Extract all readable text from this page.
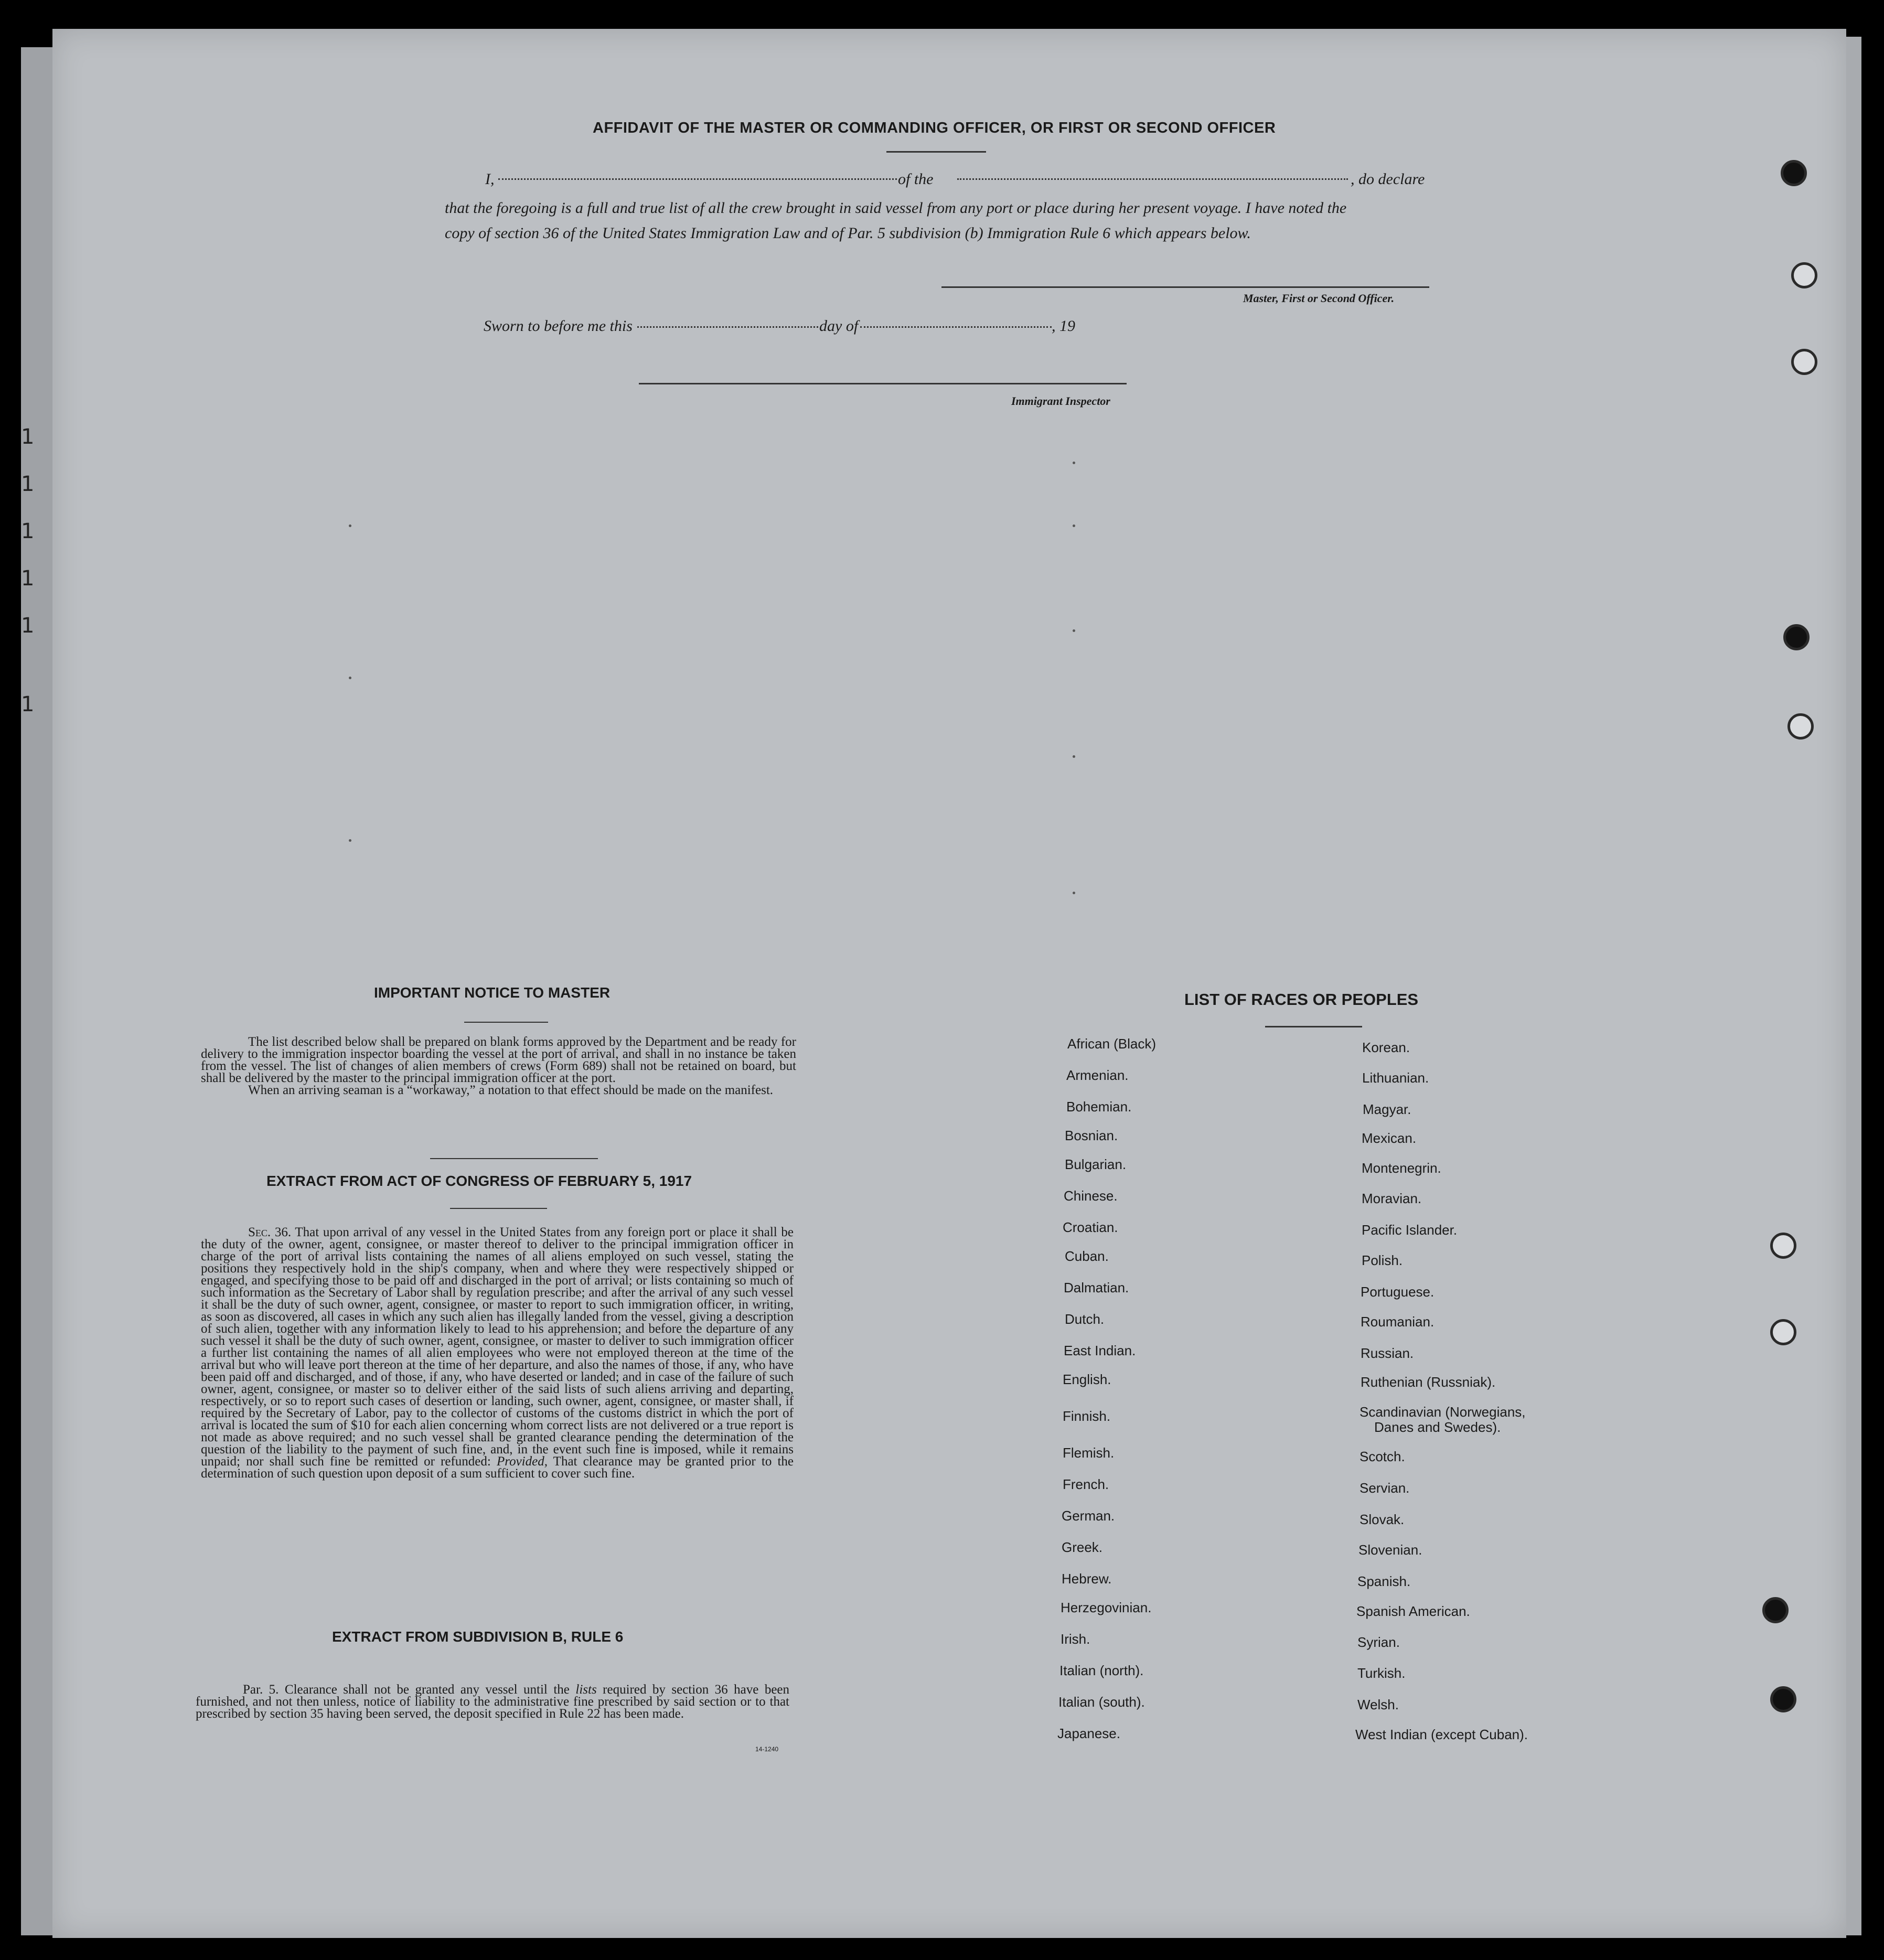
1
1
1
1
1
1
AFFIDAVIT OF THE MASTER OR COMMANDING OFFICER, OR FIRST OR SECOND OFFICER
I,	of the	, do declare
that the foregoing is a full and true list of all the crew brought in said vessel from any port or place during her present voyage. I have noted the
copy of section 36 of the United States Immigration Law and of Par. 5 subdivision (b) Immigration Rule 6 which appears below.
Master, First or Second Officer.
Sworn to before me this	day of	, 19
Immigrant Inspector
IMPORTANT NOTICE TO MASTER

The list described below shall be prepared on blank forms approved by the Department and be ready for delivery to the immigration inspector boarding the vessel at the port of arrival, and shall in no instance be taken from the vessel. The list of changes of alien members of crews (Form 689) shall not be retained on board, but shall be delivered by the master to the principal immigration officer at the port.

When an arriving seaman is a “workaway,” a notation to that effect should be made on the manifest.

EXTRACT FROM ACT OF CONGRESS OF FEBRUARY 5, 1917

Sec. 36. That upon arrival of any vessel in the United States from any foreign port or place it shall be the duty of the owner, agent, consignee, or master thereof to deliver to the principal immigration officer in charge of the port of arrival lists containing the names of all aliens employed on such vessel, stating the positions they respectively hold in the ship's company, when and where they were respectively shipped or engaged, and specifying those to be paid off and discharged in the port of arrival; or lists containing so much of such information as the Secretary of Labor shall by regulation prescribe; and after the arrival of any such vessel it shall be the duty of such owner, agent, consignee, or master to report to such immigration officer, in writing, as soon as discovered, all cases in which any such alien has illegally landed from the vessel, giving a description of such alien, together with any information likely to lead to his apprehension; and before the departure of any such vessel it shall be the duty of such owner, agent, consignee, or master to deliver to such immigration officer a further list containing the names of all alien employees who were not employed thereon at the time of the arrival but who will leave port thereon at the time of her departure, and also the names of those, if any, who have been paid off and discharged, and of those, if any, who have deserted or landed; and in case of the failure of such owner, agent, consignee, or master so to deliver either of the said lists of such aliens arriving and departing, respectively, or so to report such cases of desertion or landing, such owner, agent, consignee, or master shall, if required by the Secretary of Labor, pay to the collector of customs of the customs district in which the port of arrival is located the sum of $10 for each alien concerning whom correct lists are not delivered or a true report is not made as above required; and no such vessel shall be granted clearance pending the determination of the question of the liability to the payment of such fine, and, in the event such fine is imposed, while it remains unpaid; nor shall such fine be remitted or refunded: Provided, That clearance may be granted prior to the determination of such question upon deposit of a sum sufficient to cover such fine.

EXTRACT FROM SUBDIVISION B, RULE 6

Par. 5. Clearance shall not be granted any vessel until the lists required by section 36 have been furnished, and not then unless, notice of liability to the administrative fine prescribed by said section or to that prescribed by section 35 having been served, the deposit specified in Rule 22 has been made.

14-1240
LIST OF RACES OR PEOPLES
African (Black)
Armenian.
Bohemian.
Bosnian.
Bulgarian.
Chinese.
Croatian.
Cuban.
Dalmatian.
Dutch.
East Indian.
English.
Finnish.
Flemish.
French.
German.
Greek.
Hebrew.
Herzegovinian.
Irish.
Italian (north).
Italian (south).
Japanese.
Korean.
Lithuanian.
Magyar.
Mexican.
Montenegrin.
Moravian.
Pacific Islander.
Polish.
Portuguese.
Roumanian.
Russian.
Ruthenian (Russniak).
Scandinavian (Norwegians,
Scotch.
Servian.
Slovak.
Slovenian.
Spanish.
Spanish American.
Syrian.
Turkish.
Welsh.
West Indian (except Cuban).
Danes and Swedes).
